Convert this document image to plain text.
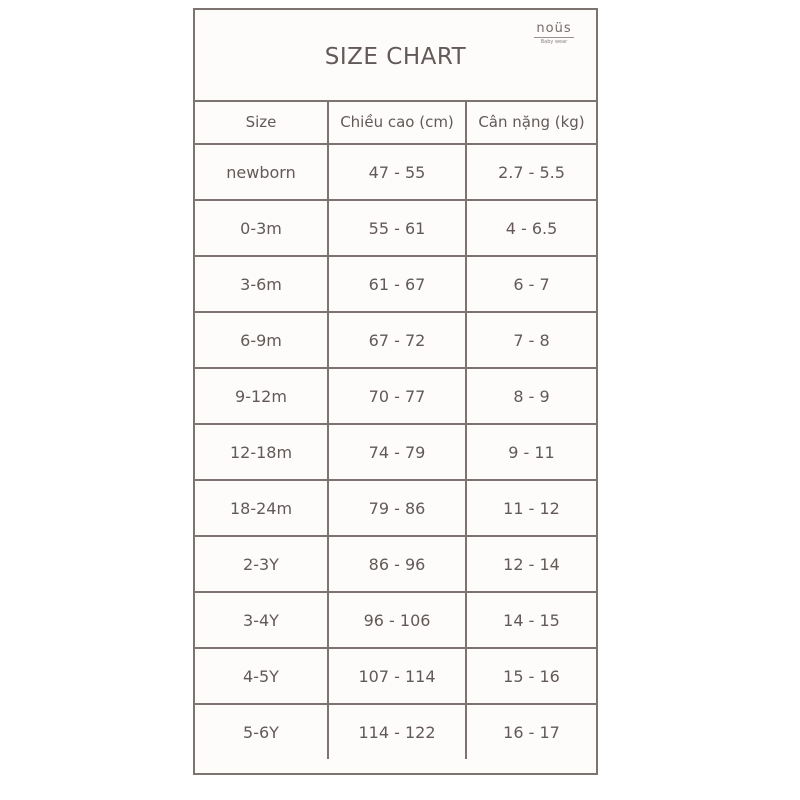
SIZE CHART
noüs
Baby wear
Size	Chiều cao (cm)	Cân nặng (kg)
newborn	47 - 55	2.7 - 5.5
0-3m	55 - 61	4 - 6.5
3-6m	61 - 67	6 - 7
6-9m	67 - 72	7 - 8
9-12m	70 - 77	8 - 9
12-18m	74 - 79	9 - 11
18-24m	79 - 86	11 - 12
2-3Y	86 - 96	12 - 14
3-4Y	96 - 106	14 - 15
4-5Y	107 - 114	15 - 16
5-6Y	114 - 122	16 - 17
